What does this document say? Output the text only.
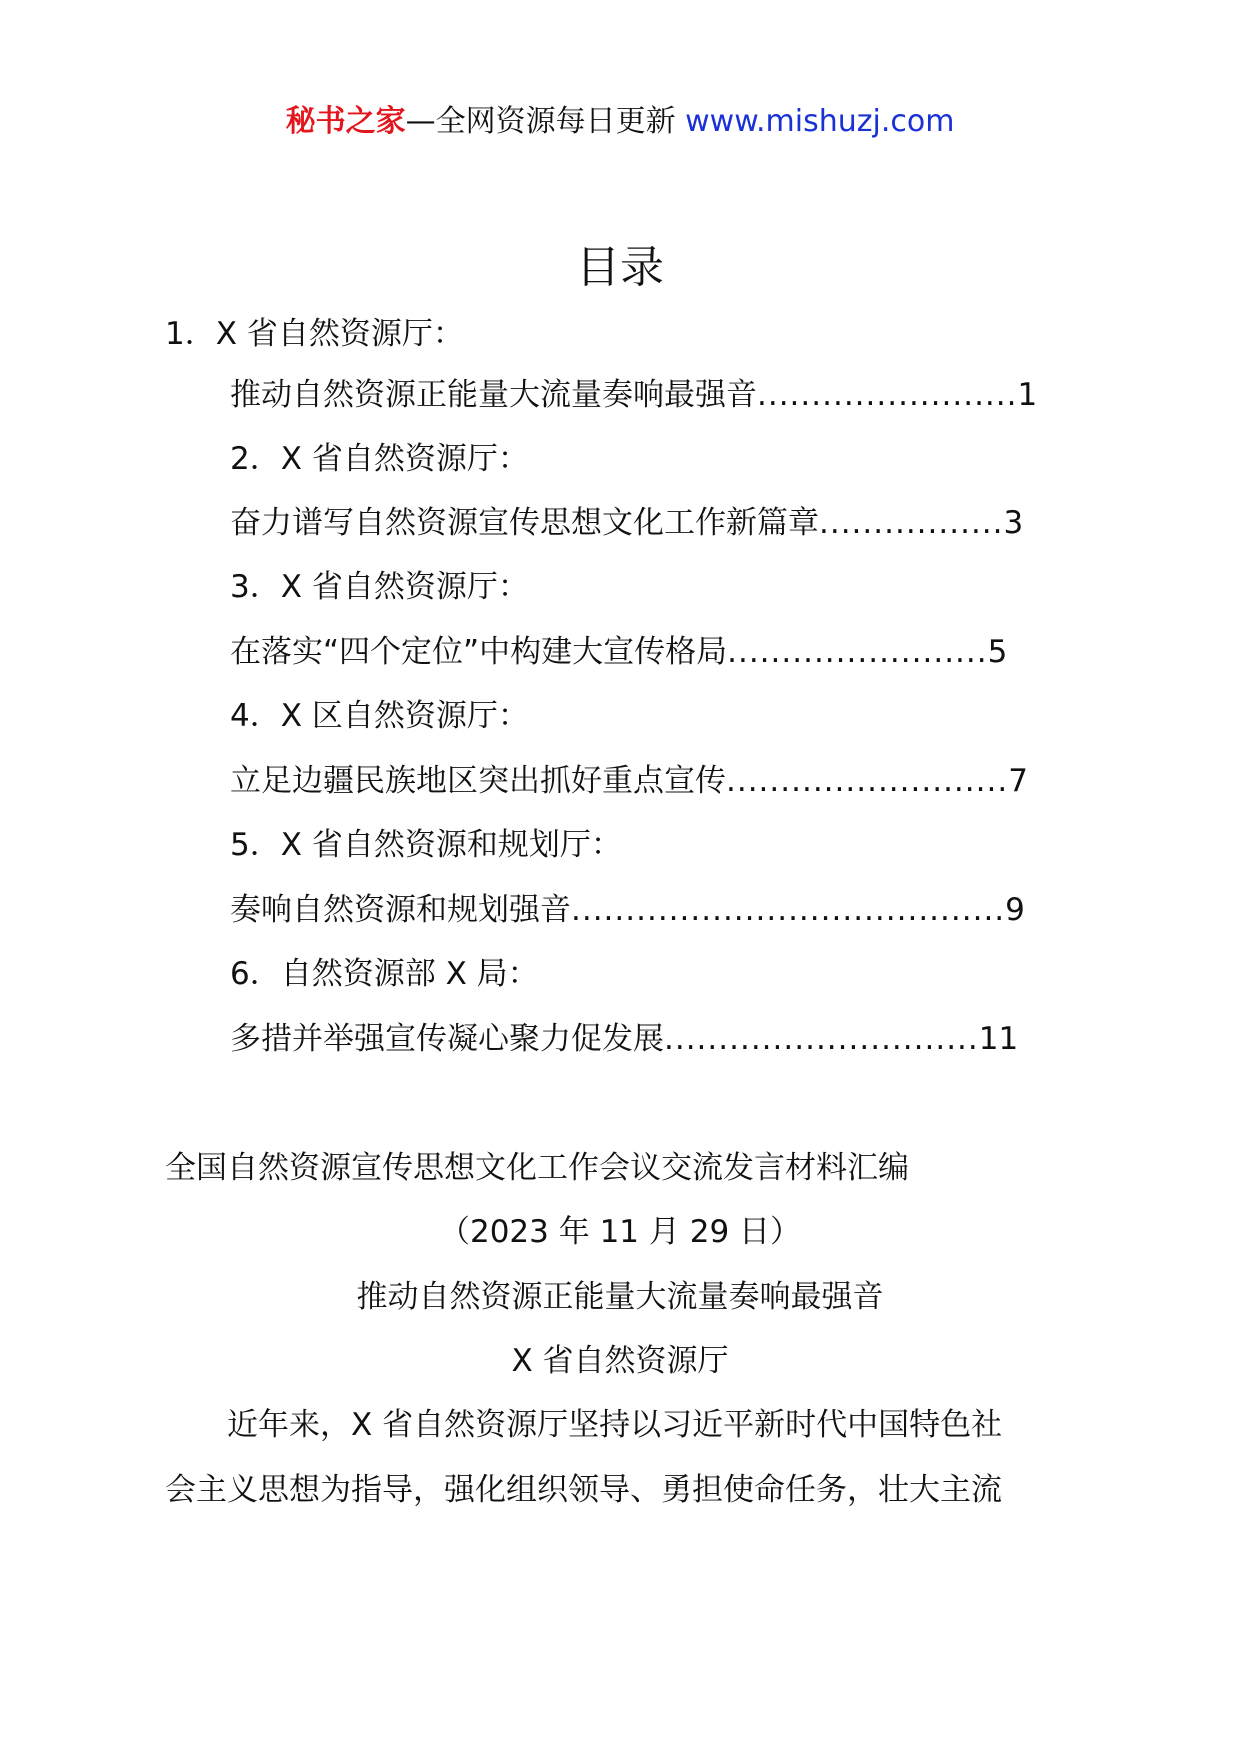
秘书之家—全网资源每日更新 www.mishuzj.com
目录
1．X 省自然资源厅：
推动自然资源正能量大流量奏响最强音 ........................ 1
2．X 省自然资源厅：
奋力谱写自然资源宣传思想文化工作新篇章 ................. 3
3．X 省自然资源厅：
在落实“四个定位”中构建大宣传格局 ........................ 5
4．X 区自然资源厅：
立足边疆民族地区突出抓好重点宣传 .......................... 7
5．X 省自然资源和规划厅：
奏响自然资源和规划强音 ........................................ 9
6．自然资源部 X 局：
多措并举强宣传凝心聚力促发展 ............................. 11
全国自然资源宣传思想文化工作会议交流发言材料汇编
（2023 年 11 月 29 日）
推动自然资源正能量大流量奏响最强音
X 省自然资源厅
　　近年来，X 省自然资源厅坚持以习近平新时代中国特色社
会主义思想为指导，强化组织领导、勇担使命任务，壮大主流
